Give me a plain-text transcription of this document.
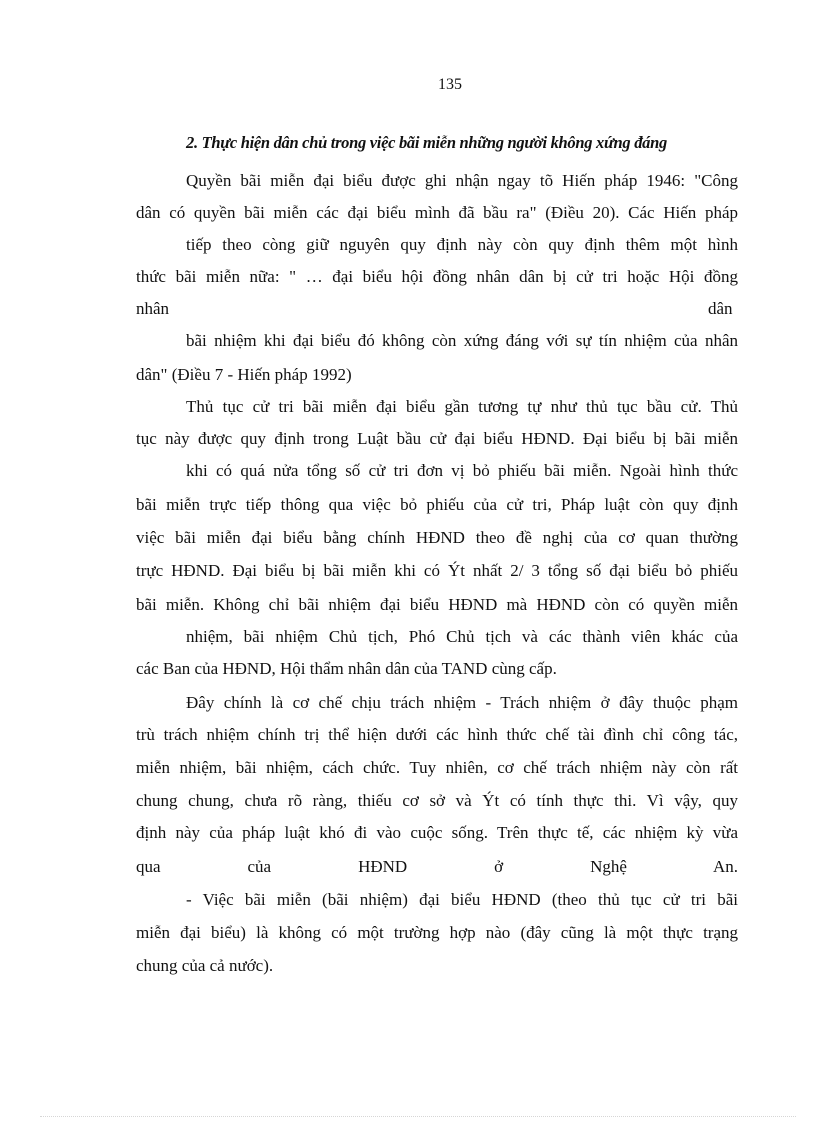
135
2. Thực hiện dân chủ trong việc bãi miễn những người không xứng đáng
Quyền bãi miễn đại biểu được ghi nhận ngay tõ Hiến pháp 1946: "Công
dân có quyền bãi miễn các đại biểu mình đã bầu ra" (Điều 20). Các Hiến pháp
tiếp theo còng giữ nguyên quy định này còn quy định thêm một hình
thức bãi miễn nữa: " … đại biểu hội đồng nhân dân bị cử tri hoặc Hội đồng
nhân	dân
bãi nhiệm khi đại biểu đó không còn xứng đáng với sự tín nhiệm của nhân
dân" (Điều 7 - Hiến pháp 1992)
Thủ tục cử tri bãi miễn đại biểu gần tương tự như thủ tục bầu cử. Thủ
tục này được quy định trong Luật bầu cử đại biểu HĐND. Đại biểu bị bãi miễn
khi có quá nửa tổng số cử tri đơn vị bỏ phiếu bãi miễn. Ngoài hình thức
bãi miễn trực tiếp thông qua việc bỏ phiếu của cử tri, Pháp luật còn quy định
việc bãi miễn đại biểu bằng chính HĐND theo đề nghị của cơ quan thường
trực HĐND. Đại biểu bị bãi miễn khi có Ýt nhất 2/ 3 tổng số đại biểu bỏ phiếu
bãi miễn. Không chỉ bãi nhiệm đại biểu HĐND mà HĐND còn có quyền miễn
nhiệm, bãi nhiệm Chủ tịch, Phó Chủ tịch và các thành viên khác của
các Ban của HĐND, Hội thẩm nhân dân của TAND cùng cấp.
Đây chính là cơ chế chịu trách nhiệm - Trách nhiệm ở đây thuộc phạm
trù trách nhiệm chính trị thể hiện dưới các hình thức chế tài đình chỉ công tác,
miễn nhiệm, bãi nhiệm, cách chức. Tuy nhiên, cơ chế trách nhiệm này còn rất
chung chung, chưa rõ ràng, thiếu cơ sở và Ýt có tính thực thi. Vì vậy, quy
định này của pháp luật khó đi vào cuộc sống. Trên thực tế, các nhiệm kỳ vừa
qua của HĐND ở Nghệ An.
- Việc bãi miễn (bãi nhiệm) đại biểu HĐND (theo thủ tục cử tri bãi
miễn đại biểu) là không có một trường hợp nào (đây cũng là một thực trạng
chung của cả nước).
